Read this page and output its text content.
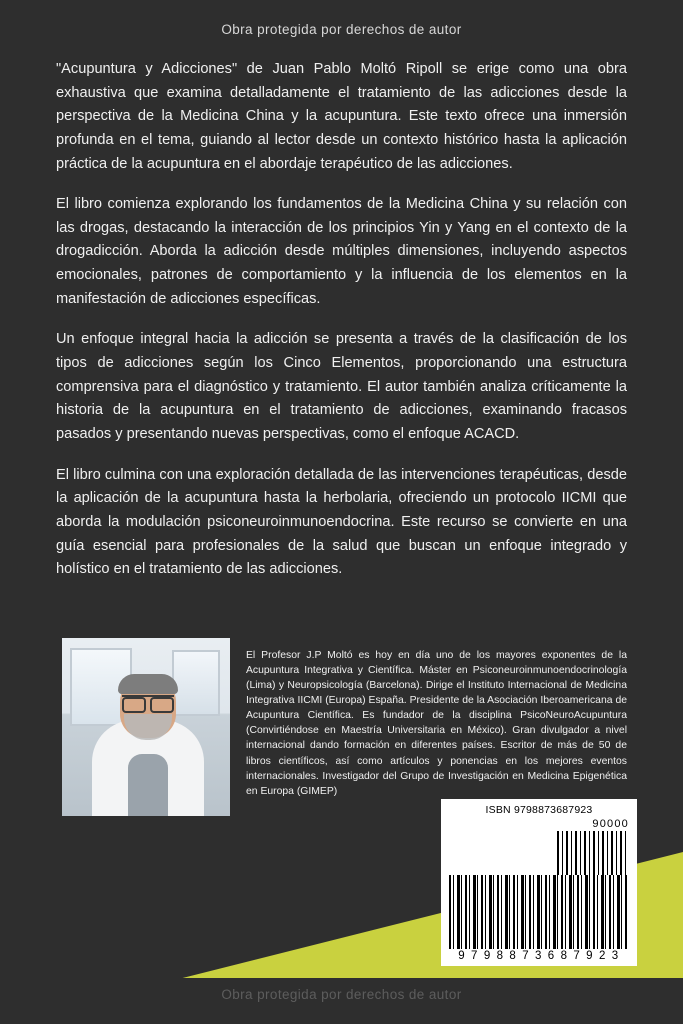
Obra protegida por derechos de autor

"Acupuntura y Adicciones" de Juan Pablo Moltó Ripoll se erige como una obra exhaustiva que examina detalladamente el tratamiento de las adicciones desde la perspectiva de la Medicina China y la acupuntura. Este texto ofrece una inmersión profunda en el tema, guiando al lector desde un contexto histórico hasta la aplicación práctica de la acupuntura en el abordaje terapéutico de las adicciones.

El libro comienza explorando los fundamentos de la Medicina China y su relación con las drogas, destacando la interacción de los principios Yin y Yang en el contexto de la drogadicción. Aborda la adicción desde múltiples dimensiones, incluyendo aspectos emocionales, patrones de comportamiento y la influencia de los elementos en la manifestación de adicciones específicas.

Un enfoque integral hacia la adicción se presenta a través de la clasificación de los tipos de adicciones según los Cinco Elementos, proporcionando una estructura comprensiva para el diagnóstico y tratamiento. El autor también analiza críticamente la historia de la acupuntura en el tratamiento de adicciones, examinando fracasos pasados y presentando nuevas perspectivas, como el enfoque ACACD.

El libro culmina con una exploración detallada de las intervenciones terapéuticas, desde la aplicación de la acupuntura hasta la herbolaria, ofreciendo un protocolo IICMI que aborda la modulación psiconeuroinmunoendocrina. Este recurso se convierte en una guía esencial para profesionales de la salud que buscan un enfoque integrado y holístico en el tratamiento de las adicciones.

El Profesor J.P Moltó es hoy en día uno de los mayores exponentes de la Acupuntura Integrativa y Científica. Máster en Psiconeuroinmunoendocrinología (Lima) y Neuropsicología (Barcelona). Dirige el Instituto Internacional de Medicina Integrativa IICMI (Europa) España. Presidente de la Asociación Iberoamericana de Acupuntura Científica. Es fundador de la disciplina PsicoNeuroAcupuntura (Convirtiéndose en Maestría Universitaria en México). Gran divulgador a nivel internacional dando formación en diferentes países. Escritor de más de 50 de libros científicos, así como artículos y ponencias en los mejores eventos internacionales. Investigador del Grupo de Investigación en Medicina Epigenética en Europa (GIMEP)
ISBN 9798873687923
90000
9 7 9 8 8 7 3 6 8 7 9 2 3
Obra protegida por derechos de autor
